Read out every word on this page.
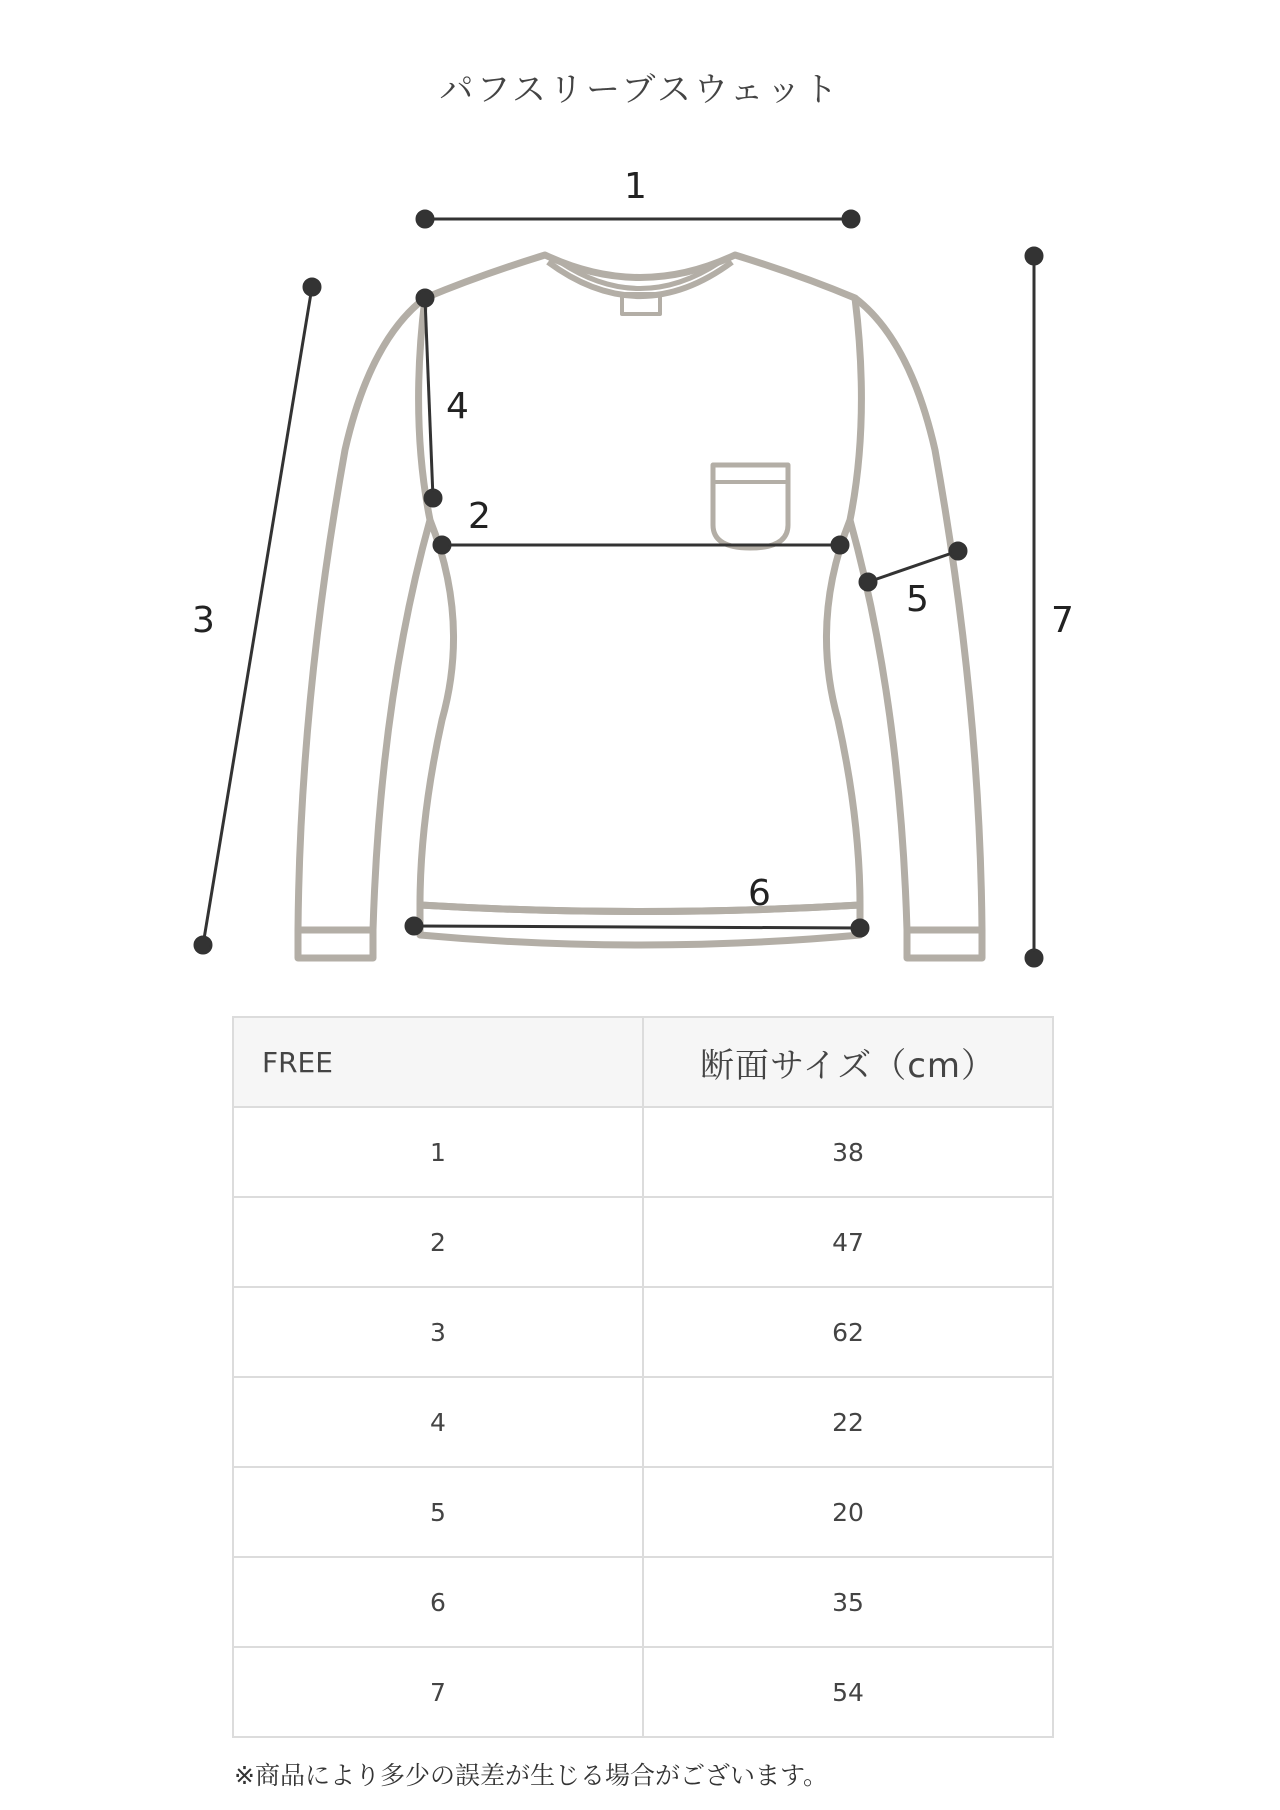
パフスリーブスウェット
1
2
3
4
5
6
7
FREE	断面サイズ（cm）
1	38
2	47
3	62
4	22
5	20
6	35
7	54
※商品により多少の誤差が生じる場合がございます。
